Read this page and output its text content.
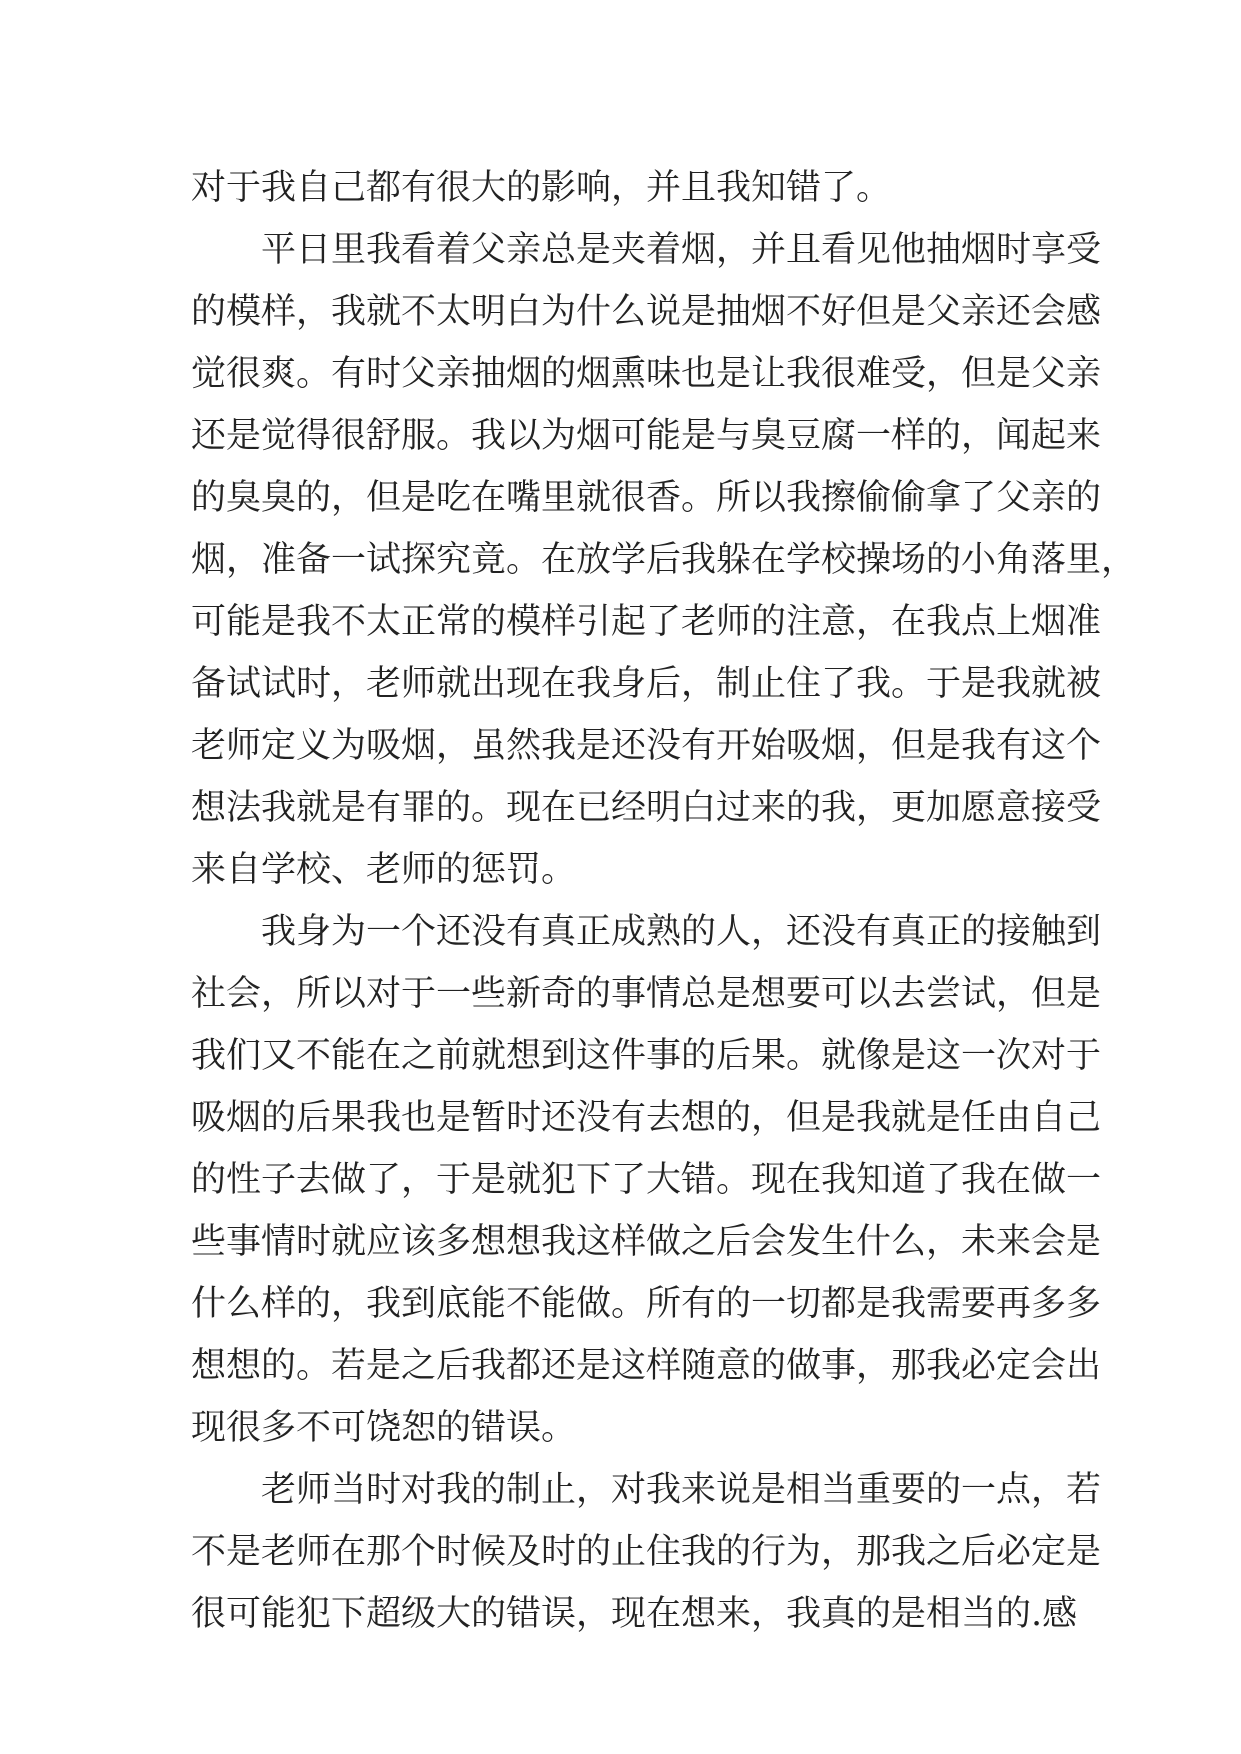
对于我自己都有很大的影响，并且我知错了。
平日里我看着父亲总是夹着烟，并且看见他抽烟时享受
的模样，我就不太明白为什么说是抽烟不好但是父亲还会感
觉很爽。有时父亲抽烟的烟熏味也是让我很难受，但是父亲
还是觉得很舒服。我以为烟可能是与臭豆腐一样的，闻起来
的臭臭的，但是吃在嘴里就很香。所以我擦偷偷拿了父亲的
烟，准备一试探究竟。在放学后我躲在学校操场的小角落里，
可能是我不太正常的模样引起了老师的注意，在我点上烟准
备试试时，老师就出现在我身后，制止住了我。于是我就被
老师定义为吸烟，虽然我是还没有开始吸烟，但是我有这个
想法我就是有罪的。现在已经明白过来的我，更加愿意接受
来自学校、老师的惩罚。
我身为一个还没有真正成熟的人，还没有真正的接触到
社会，所以对于一些新奇的事情总是想要可以去尝试，但是
我们又不能在之前就想到这件事的后果。就像是这一次对于
吸烟的后果我也是暂时还没有去想的，但是我就是任由自己
的性子去做了，于是就犯下了大错。现在我知道了我在做一
些事情时就应该多想想我这样做之后会发生什么，未来会是
什么样的，我到底能不能做。所有的一切都是我需要再多多
想想的。若是之后我都还是这样随意的做事，那我必定会出
现很多不可饶恕的错误。
老师当时对我的制止，对我来说是相当重要的一点，若
不是老师在那个时候及时的止住我的行为，那我之后必定是
很可能犯下超级大的错误，现在想来，我真的是相当的.感
